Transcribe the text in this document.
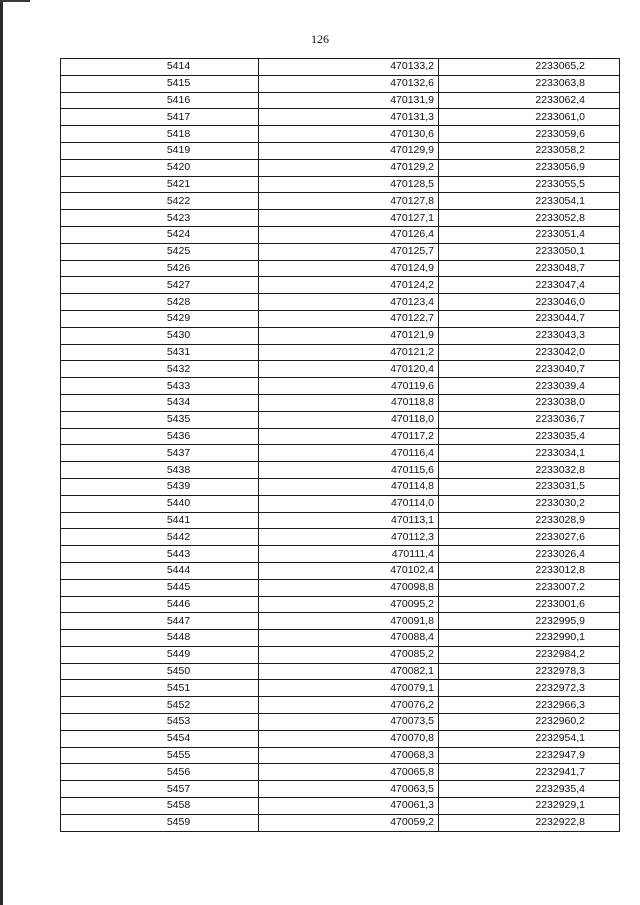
126
5414	470133,2	2233065,2
5415	470132,6	2233063,8
5416	470131,9	2233062,4
5417	470131,3	2233061,0
5418	470130,6	2233059,6
5419	470129,9	2233058,2
5420	470129,2	2233056,9
5421	470128,5	2233055,5
5422	470127,8	2233054,1
5423	470127,1	2233052,8
5424	470126,4	2233051,4
5425	470125,7	2233050,1
5426	470124,9	2233048,7
5427	470124,2	2233047,4
5428	470123,4	2233046,0
5429	470122,7	2233044,7
5430	470121,9	2233043,3
5431	470121,2	2233042,0
5432	470120,4	2233040,7
5433	470119,6	2233039,4
5434	470118,8	2233038,0
5435	470118,0	2233036,7
5436	470117,2	2233035,4
5437	470116,4	2233034,1
5438	470115,6	2233032,8
5439	470114,8	2233031,5
5440	470114,0	2233030,2
5441	470113,1	2233028,9
5442	470112,3	2233027,6
5443	470111,4	2233026,4
5444	470102,4	2233012,8
5445	470098,8	2233007,2
5446	470095,2	2233001,6
5447	470091,8	2232995,9
5448	470088,4	2232990,1
5449	470085,2	2232984,2
5450	470082,1	2232978,3
5451	470079,1	2232972,3
5452	470076,2	2232966,3
5453	470073,5	2232960,2
5454	470070,8	2232954,1
5455	470068,3	2232947,9
5456	470065,8	2232941,7
5457	470063,5	2232935,4
5458	470061,3	2232929,1
5459	470059,2	2232922,8
